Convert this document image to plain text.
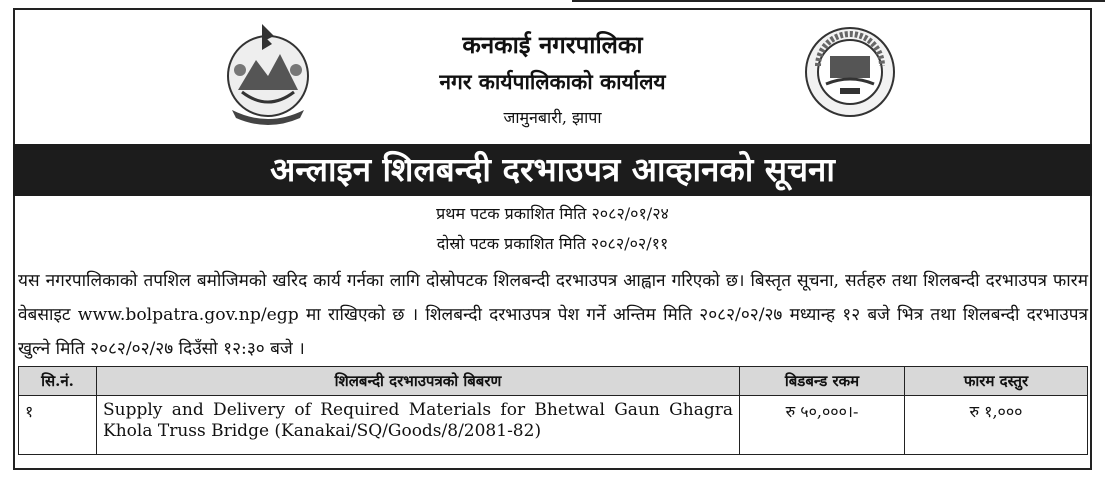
कनकाई नगरपालिका
नगर कार्यपालिकाको कार्यालय
जामुनबारी, झापा
अन्लाइन शिलबन्दी दरभाउपत्र आव्हानको सूचना
प्रथम पटक प्रकाशित मिति २०८२/०१/२४
दोस्रो पटक प्रकाशित मिति २०८२/०२/११
यस नगरपालिकाको तपशिल बमोजिमको खरिद कार्य गर्नका लागि दोस्रोपटक शिलबन्दी दरभाउपत्र आह्वान गरिएको छ। बिस्तृत सूचना, सर्तहरु तथा शिलबन्दी दरभाउपत्र फारम वेबसाइट www.bolpatra.gov.np/egp मा राखिएको छ । शिलबन्दी दरभाउपत्र पेश गर्ने अन्तिम मिति २०८२/०२/२७ मध्यान्ह १२ बजे भित्र तथा शिलबन्दी दरभाउपत्र खुल्ने मिति २०८२/०२/२७ दिउँसो १२:३० बजे ।
सि.नं.	शिलबन्दी दरभाउपत्रको बिबरण	बिडबन्ड रकम	फारम दस्तुर
१	Supply and Delivery of Required Materials for Bhetwal Gaun Ghagra Khola Truss Bridge (Kanakai/SQ/Goods/8/2081-82)	रु ५०,०००।-	रु १,०००
